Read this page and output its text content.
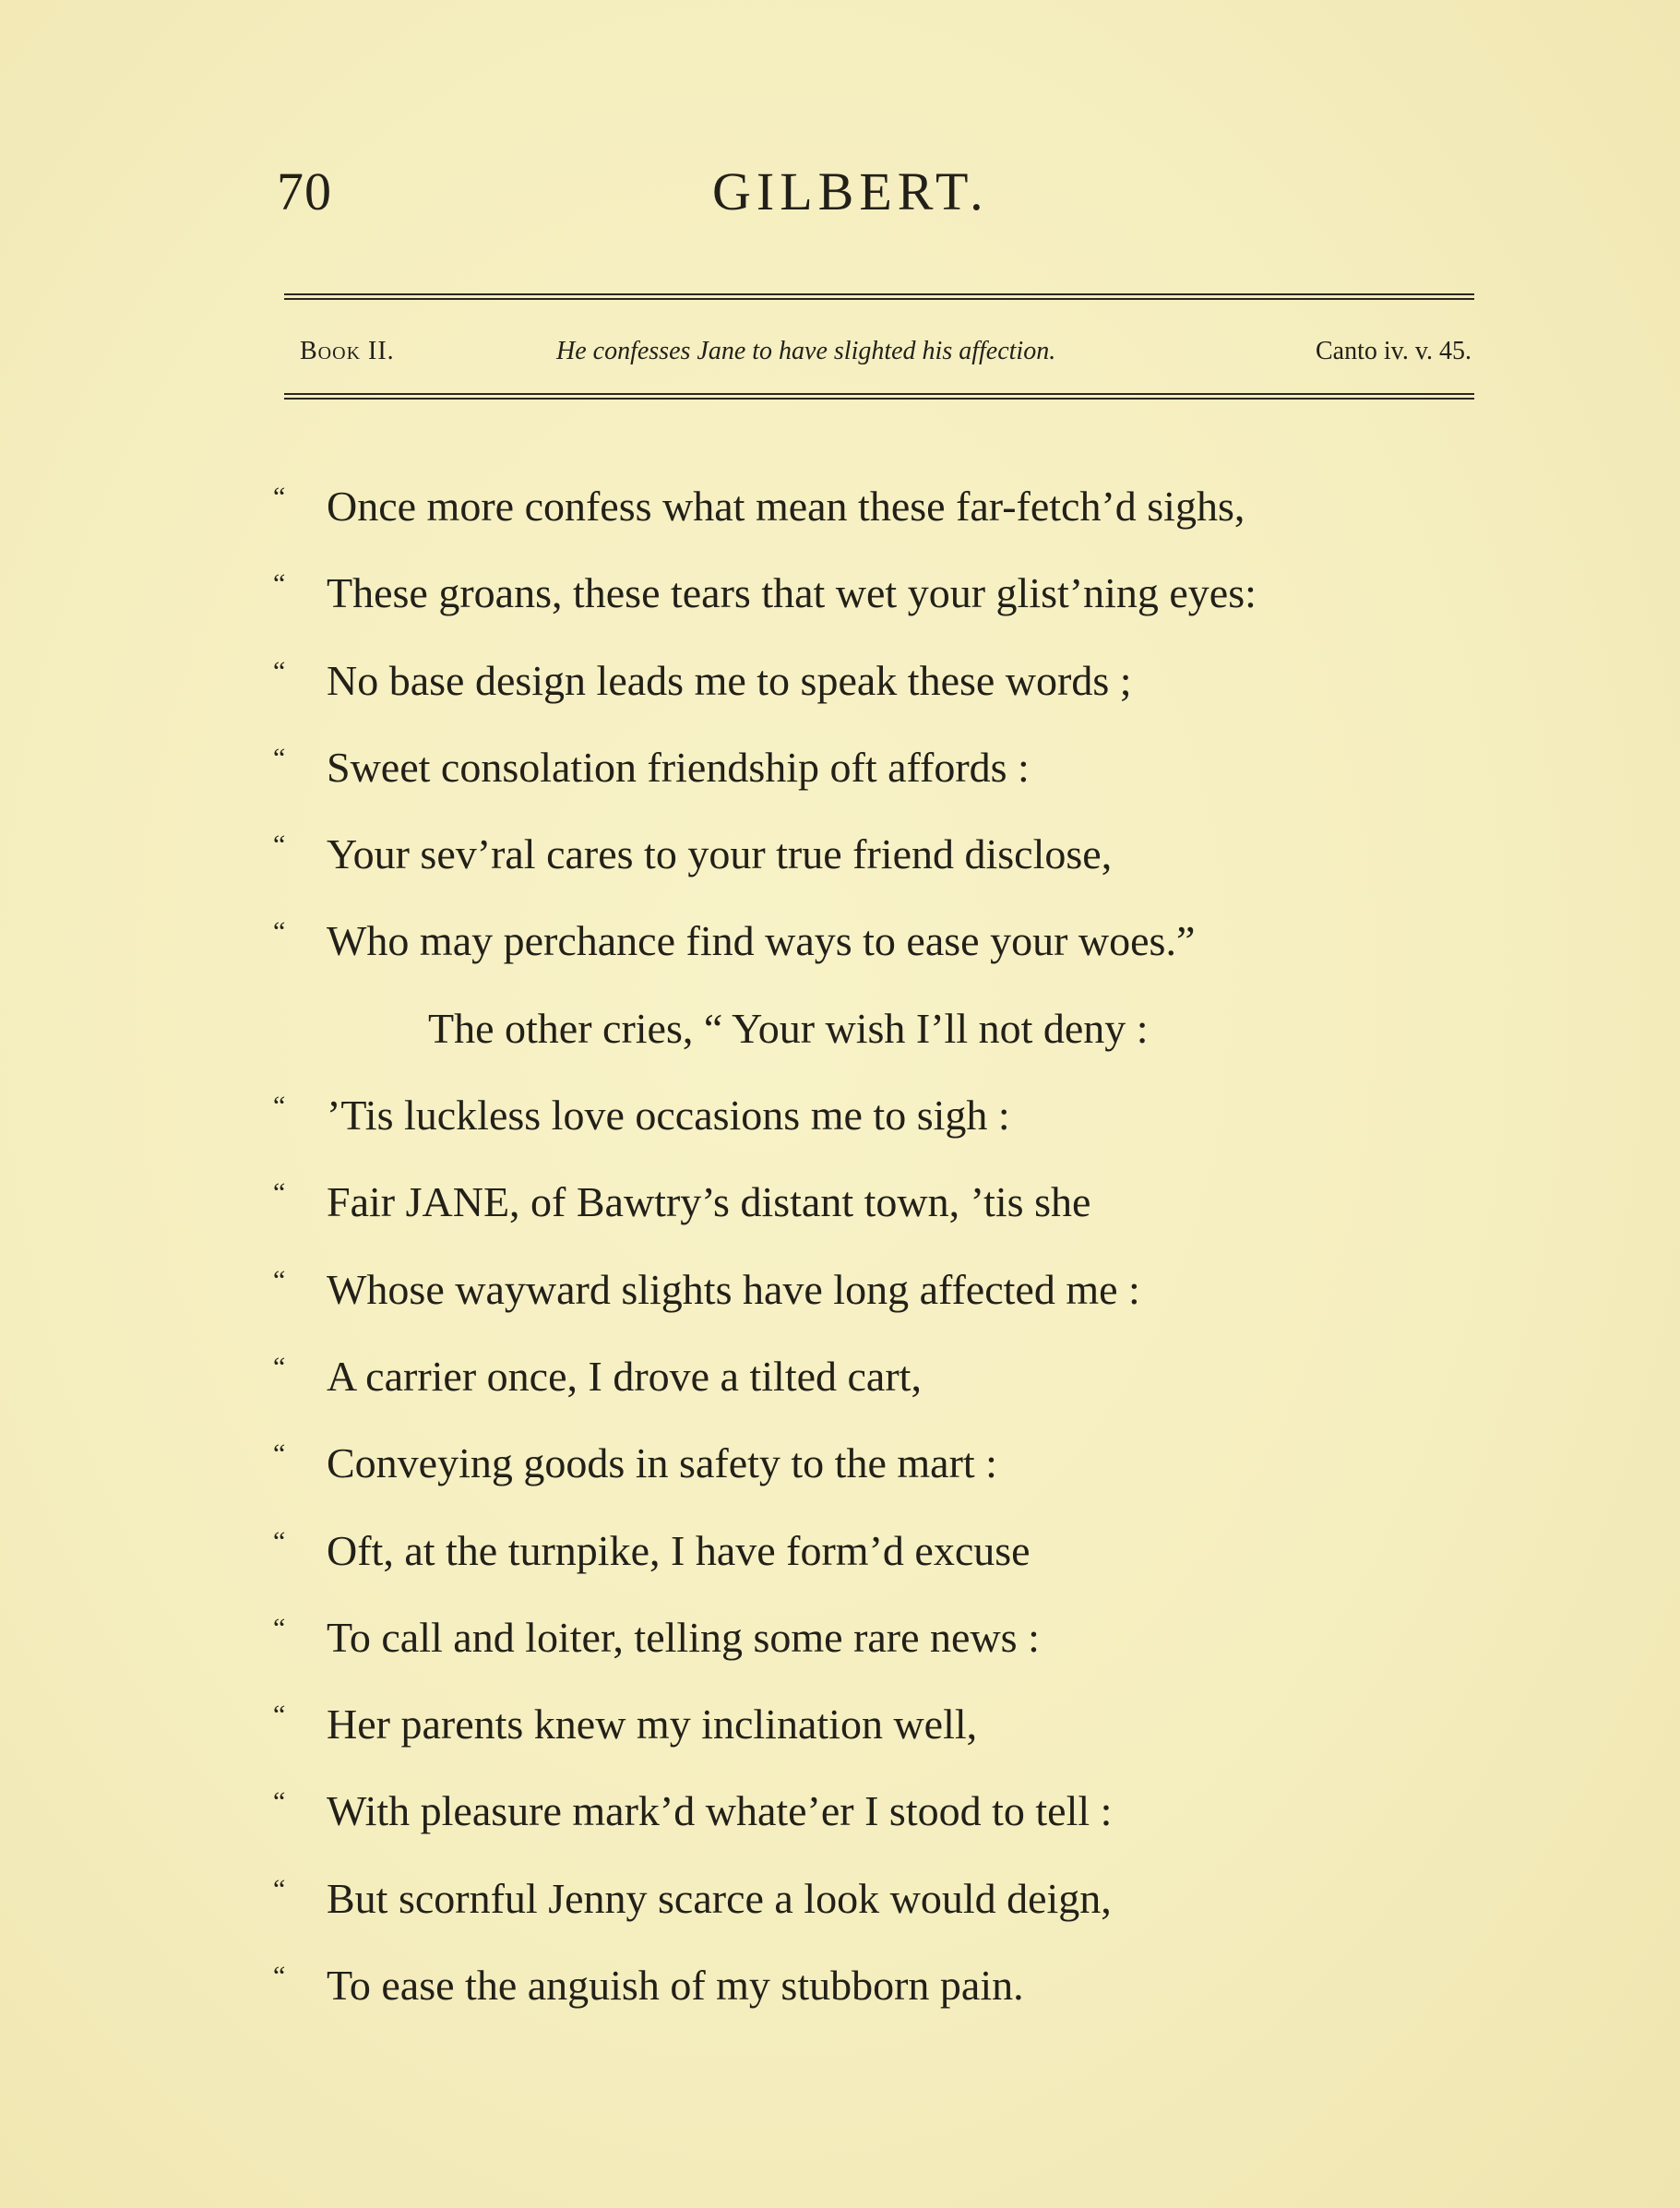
70	GILBERT.
Book II.	He confesses Jane to have slighted his affection.	Canto iv. v. 45.
“ Once more confess what mean these far-fetch’d sighs,
“ These groans, these tears that wet your glist’ning eyes:
“ No base design leads me to speak these words ;
“ Sweet consolation friendship oft affords :
“ Your sev’ral cares to your true friend disclose,
“ Who may perchance find ways to ease your woes.”
The other cries, “ Your wish I’ll not deny :
“ ’Tis luckless love occasions me to sigh :
“ Fair JANE, of Bawtry’s distant town, ’tis she
“ Whose wayward slights have long affected me :
“ A carrier once, I drove a tilted cart,
“ Conveying goods in safety to the mart :
“ Oft, at the turnpike, I have form’d excuse
“ To call and loiter, telling some rare news :
“ Her parents knew my inclination well,
“ With pleasure mark’d whate’er I stood to tell :
“ But scornful Jenny scarce a look would deign,
“ To ease the anguish of my stubborn pain.
